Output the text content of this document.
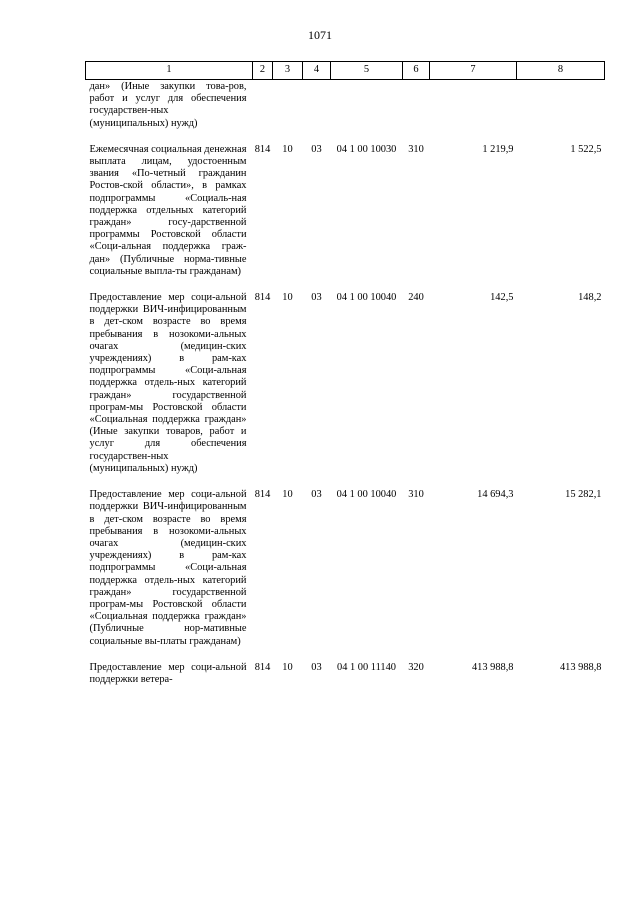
1071
1	2	3	4	5	6	7	8
дан» (Иные закупки това-ров, работ и услуг для обеспечения государствен-ных (муниципальных) нужд)							
Ежемесячная социальная денежная выплата лицам, удостоенным звания «По-четный гражданин Ростов-ской области», в рамках подпрограммы «Социаль-ная поддержка отдельных категорий граждан» госу-дарственной программы Ростовской области «Соци-альная поддержка граж-дан» (Публичные норма-тивные социальные выпла-ты гражданам)	814	10	03	04 1 00 10030	310	1 219,9	1 522,5
Предоставление мер соци-альной поддержки ВИЧ-инфицированным в дет-ском возрасте во время пребывания в нозокоми-альных очагах (медицин-ских учреждениях) в рам-ках подпрограммы «Соци-альная поддержка отдель-ных категорий граждан» государственной програм-мы Ростовской области «Социальная поддержка граждан» (Иные закупки товаров, работ и услуг для обеспечения государствен-ных (муниципальных) нужд)	814	10	03	04 1 00 10040	240	142,5	148,2
Предоставление мер соци-альной поддержки ВИЧ-инфицированным в дет-ском возрасте во время пребывания в нозокоми-альных очагах (медицин-ских учреждениях) в рам-ках подпрограммы «Соци-альная поддержка отдель-ных категорий граждан» государственной програм-мы Ростовской области «Социальная поддержка граждан» (Публичные нор-мативные социальные вы-платы гражданам)	814	10	03	04 1 00 10040	310	14 694,3	15 282,1
Предоставление мер соци-альной поддержки ветера-	814	10	03	04 1 00 11140	320	413 988,8	413 988,8
